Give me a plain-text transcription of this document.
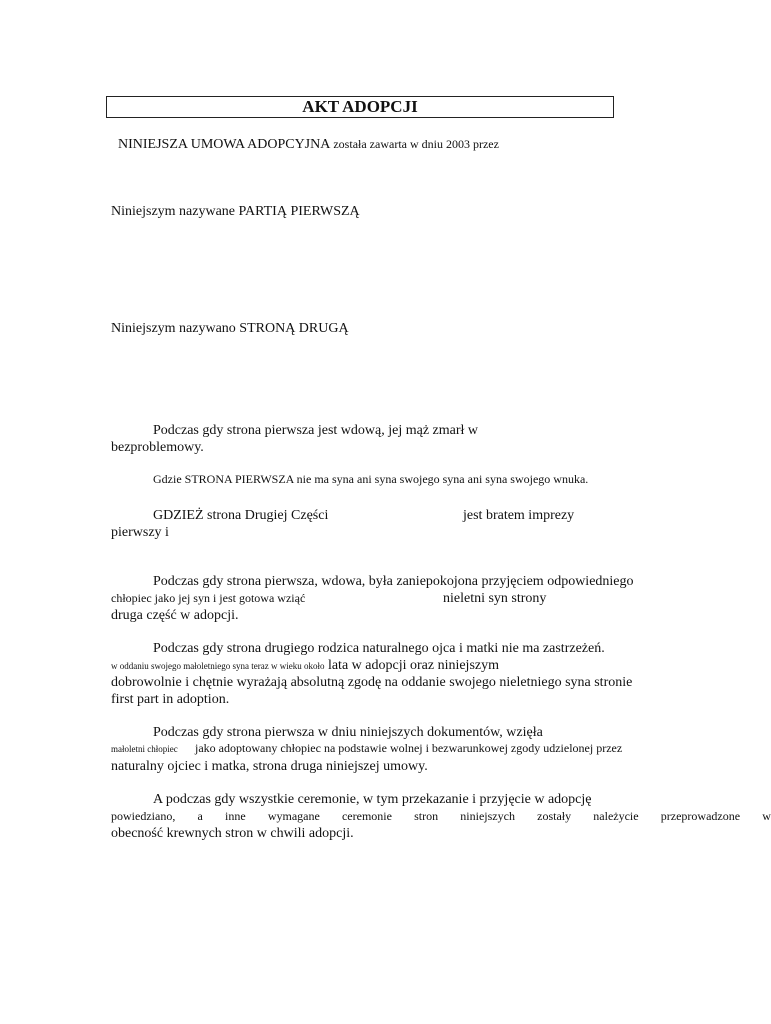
AKT ADOPCJI
NINIEJSZA UMOWA ADOPCYJNA została zawarta w dniu 2003 przez
Niniejszym nazywane PARTIĄ PIERWSZĄ
Niniejszym nazywano STRONĄ DRUGĄ
Podczas gdy strona pierwsza jest wdową, jej mąż zmarł w
bezproblemowy.
Gdzie STRONA PIERWSZA nie ma syna ani syna swojego syna ani syna swojego wnuka.
GDZIEŻ strona Drugiej Części	jest bratem imprezy
pierwszy i
Podczas gdy strona pierwsza, wdowa, była zaniepokojona przyjęciem odpowiedniego
chłopiec jako jej syn i jest gotowa wziąć	nieletni syn strony
druga część w adopcji.
Podczas gdy strona drugiego rodzica naturalnego ojca i matki nie ma zastrzeżeń.
w oddaniu swojego małoletniego syna teraz w wieku około lata w adopcji oraz niniejszym
dobrowolnie i chętnie wyrażają absolutną zgodę na oddanie swojego nieletniego syna stronie
first part in adoption.
Podczas gdy strona pierwsza w dniu niniejszych dokumentów, wzięła
małoletni chłopiec jako adoptowany chłopiec na podstawie wolnej i bezwarunkowej zgody udzielonej przez
naturalny ojciec i matka, strona druga niniejszej umowy.
A podczas gdy wszystkie ceremonie, w tym przekazanie i przyjęcie w adopcję
powiedziano, a inne wymagane ceremonie stron niniejszych zostały należycie przeprowadzone w
obecność krewnych stron w chwili adopcji.
